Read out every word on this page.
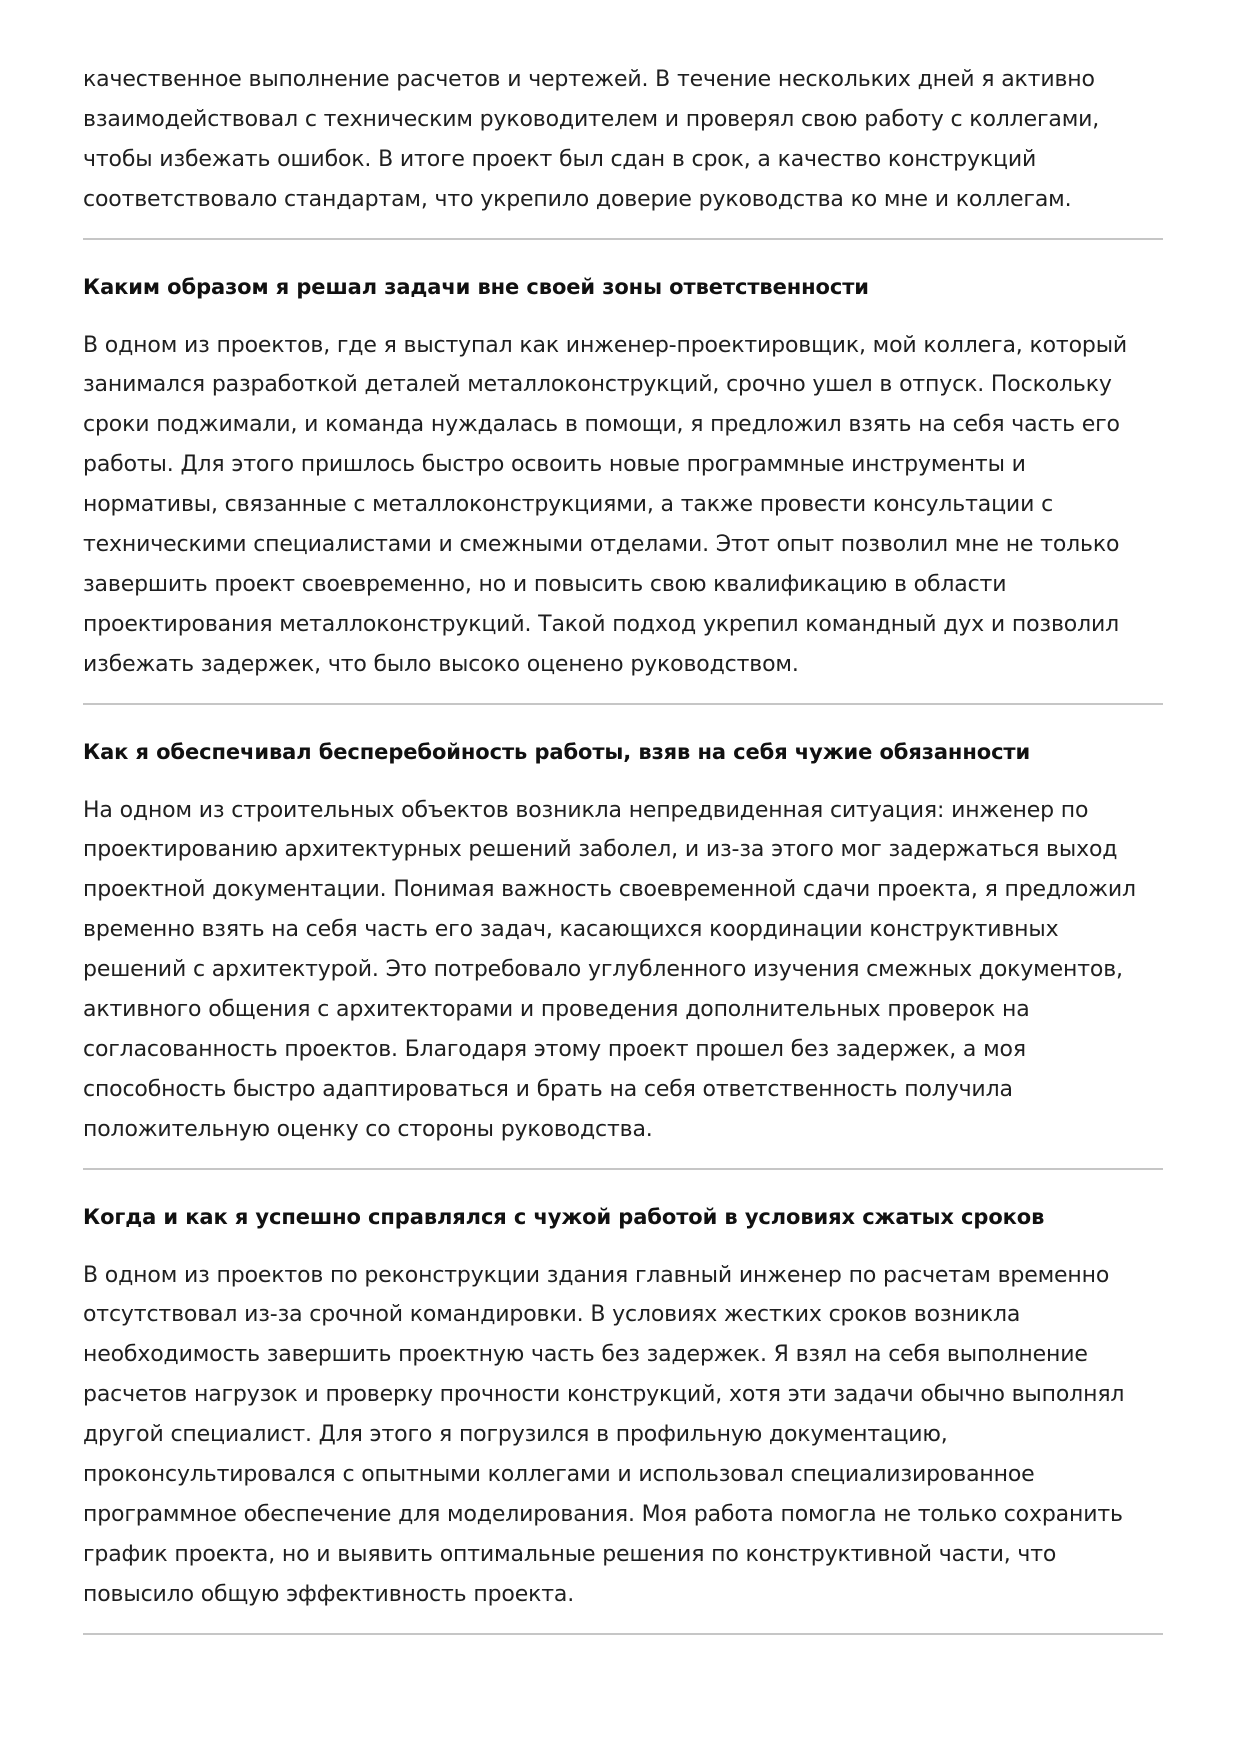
качественное выполнение расчетов и чертежей. В течение нескольких дней я активно
взаимодействовал с техническим руководителем и проверял свою работу с коллегами,
чтобы избежать ошибок. В итоге проект был сдан в срок, а качество конструкций
соответствовало стандартам, что укрепило доверие руководства ко мне и коллегам.

Каким образом я решал задачи вне своей зоны ответственности

В одном из проектов, где я выступал как инженер-проектировщик, мой коллега, который
занимался разработкой деталей металлоконструкций, срочно ушел в отпуск. Поскольку
сроки поджимали, и команда нуждалась в помощи, я предложил взять на себя часть его
работы. Для этого пришлось быстро освоить новые программные инструменты и
нормативы, связанные с металлоконструкциями, а также провести консультации с
техническими специалистами и смежными отделами. Этот опыт позволил мне не только
завершить проект своевременно, но и повысить свою квалификацию в области
проектирования металлоконструкций. Такой подход укрепил командный дух и позволил
избежать задержек, что было высоко оценено руководством.

Как я обеспечивал бесперебойность работы, взяв на себя чужие обязанности

На одном из строительных объектов возникла непредвиденная ситуация: инженер по
проектированию архитектурных решений заболел, и из-за этого мог задержаться выход
проектной документации. Понимая важность своевременной сдачи проекта, я предложил
временно взять на себя часть его задач, касающихся координации конструктивных
решений с архитектурой. Это потребовало углубленного изучения смежных документов,
активного общения с архитекторами и проведения дополнительных проверок на
согласованность проектов. Благодаря этому проект прошел без задержек, а моя
способность быстро адаптироваться и брать на себя ответственность получила
положительную оценку со стороны руководства.

Когда и как я успешно справлялся с чужой работой в условиях сжатых сроков

В одном из проектов по реконструкции здания главный инженер по расчетам временно
отсутствовал из-за срочной командировки. В условиях жестких сроков возникла
необходимость завершить проектную часть без задержек. Я взял на себя выполнение
расчетов нагрузок и проверку прочности конструкций, хотя эти задачи обычно выполнял
другой специалист. Для этого я погрузился в профильную документацию,
проконсультировался с опытными коллегами и использовал специализированное
программное обеспечение для моделирования. Моя работа помогла не только сохранить
график проекта, но и выявить оптимальные решения по конструктивной части, что
повысило общую эффективность проекта.
